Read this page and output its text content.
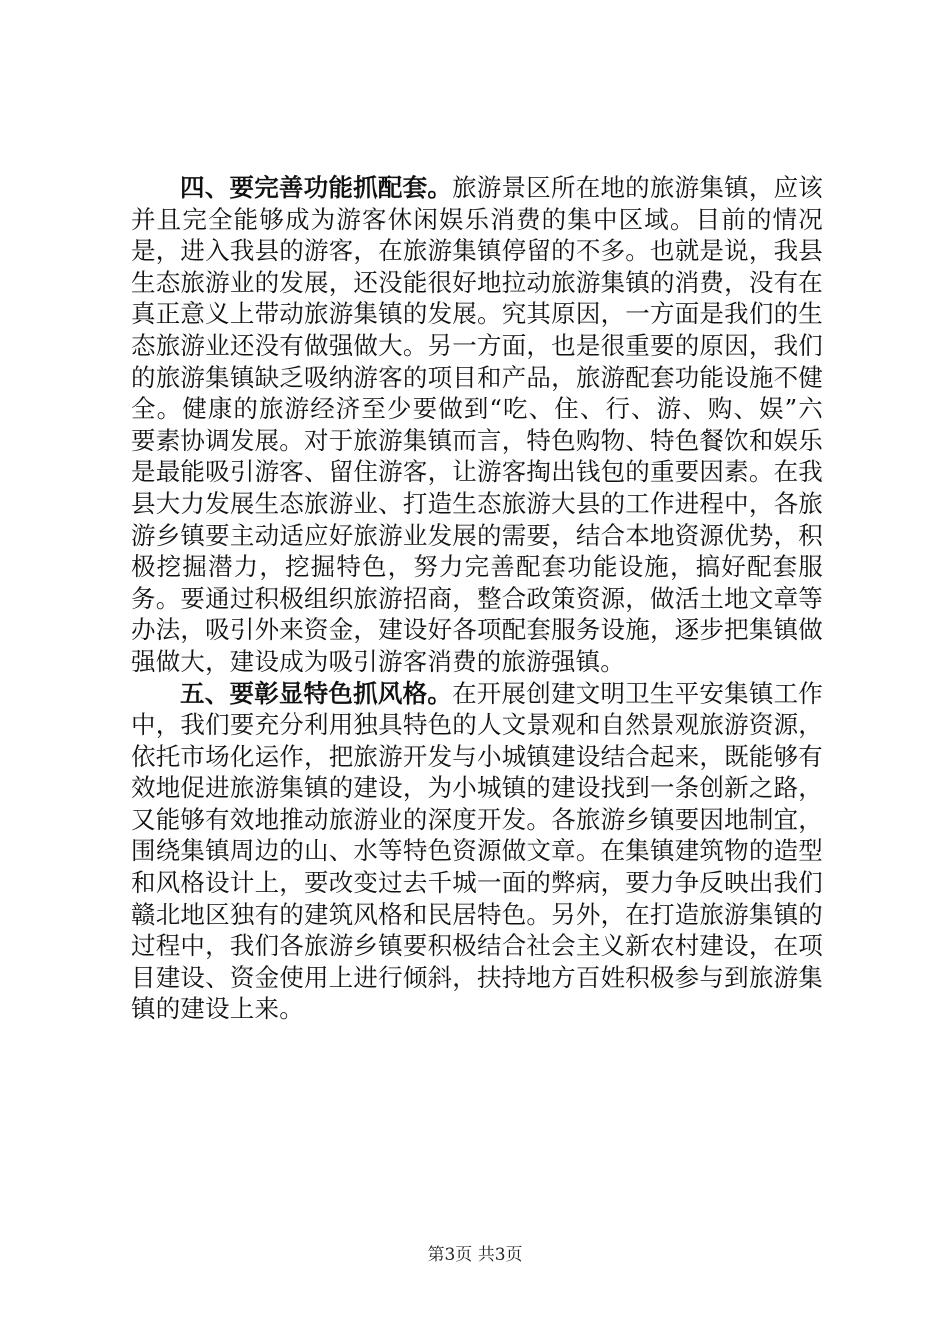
四、要完善功能抓配套。旅游景区所在地的旅游集镇，应该并且完全能够成为游客休闲娱乐消费的集中区域。目前的情况是，进入我县的游客，在旅游集镇停留的不多。也就是说，我县生态旅游业的发展，还没能很好地拉动旅游集镇的消费，没有在真正意义上带动旅游集镇的发展。究其原因，一方面是我们的生态旅游业还没有做强做大。另一方面，也是很重要的原因，我们的旅游集镇缺乏吸纳游客的项目和产品，旅游配套功能设施不健全。健康的旅游经济至少要做到“吃、住、行、游、购、娱”六要素协调发展。对于旅游集镇而言，特色购物、特色餐饮和娱乐是最能吸引游客、留住游客，让游客掏出钱包的重要因素。在我县大力发展生态旅游业、打造生态旅游大县的工作进程中，各旅游乡镇要主动适应好旅游业发展的需要，结合本地资源优势，积极挖掘潜力，挖掘特色，努力完善配套功能设施，搞好配套服务。要通过积极组织旅游招商，整合政策资源，做活土地文章等办法，吸引外来资金，建设好各项配套服务设施，逐步把集镇做强做大，建设成为吸引游客消费的旅游强镇。

五、要彰显特色抓风格。在开展创建文明卫生平安集镇工作中，我们要充分利用独具特色的人文景观和自然景观旅游资源，依托市场化运作，把旅游开发与小城镇建设结合起来，既能够有效地促进旅游集镇的建设，为小城镇的建设找到一条创新之路，又能够有效地推动旅游业的深度开发。各旅游乡镇要因地制宜，围绕集镇周边的山、水等特色资源做文章。在集镇建筑物的造型和风格设计上，要改变过去千城一面的弊病，要力争反映出我们赣北地区独有的建筑风格和民居特色。另外，在打造旅游集镇的过程中，我们各旅游乡镇要积极结合社会主义新农村建设，在项目建设、资金使用上进行倾斜，扶持地方百姓积极参与到旅游集镇的建设上来。

第3页 共3页
